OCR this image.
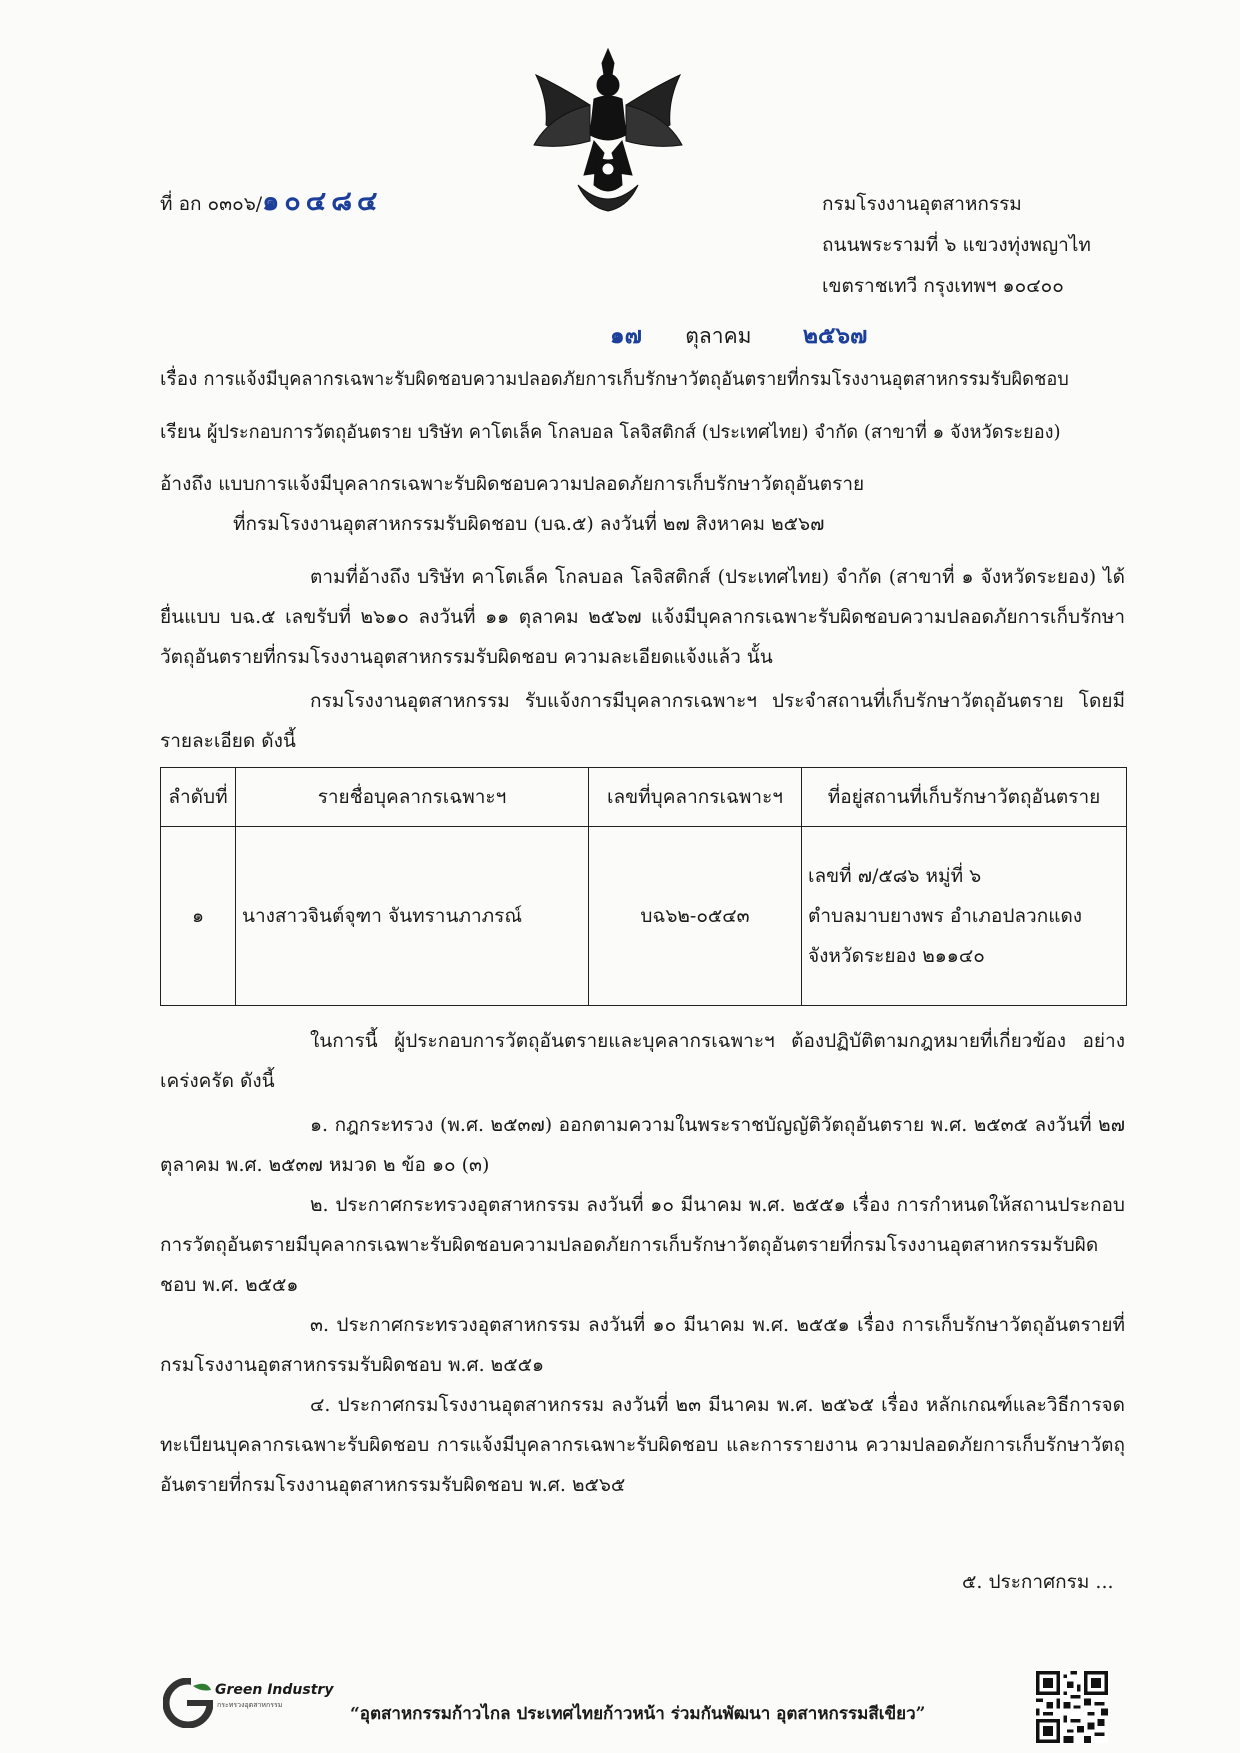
ที่ อก ๐๓๐๖/๑๐๔๘๔	กรมโรงงานอุตสาหกรรม
ถนนพระรามที่ ๖ แขวงทุ่งพญาไท
เขตราชเทวี กรุงเทพฯ ๑๐๔๐๐
๑๗ ตุลาคม ๒๕๖๗
เรื่อง การแจ้งมีบุคลากรเฉพาะรับผิดชอบความปลอดภัยการเก็บรักษาวัตถุอันตรายที่กรมโรงงานอุตสาหกรรมรับผิดชอบ
เรียน ผู้ประกอบการวัตถุอันตราย บริษัท คาโตเล็ค โกลบอล โลจิสติกส์ (ประเทศไทย) จำกัด (สาขาที่ ๑ จังหวัดระยอง)
อ้างถึง แบบการแจ้งมีบุคลากรเฉพาะรับผิดชอบความปลอดภัยการเก็บรักษาวัตถุอันตราย
ที่กรมโรงงานอุตสาหกรรมรับผิดชอบ (บฉ.๕) ลงวันที่ ๒๗ สิงหาคม ๒๕๖๗
ตามที่อ้างถึง บริษัท คาโตเล็ค โกลบอล โลจิสติกส์ (ประเทศไทย) จำกัด (สาขาที่ ๑ จังหวัดระยอง) ได้ยื่นแบบ บฉ.๕ เลขรับที่ ๒๖๑๐ ลงวันที่ ๑๑ ตุลาคม ๒๕๖๗ แจ้งมีบุคลากรเฉพาะรับผิดชอบความปลอดภัยการเก็บรักษาวัตถุอันตรายที่กรมโรงงานอุตสาหกรรมรับผิดชอบ ความละเอียดแจ้งแล้ว นั้น
กรมโรงงานอุตสาหกรรม รับแจ้งการมีบุคลากรเฉพาะฯ ประจำสถานที่เก็บรักษาวัตถุอันตราย โดยมีรายละเอียด ดังนี้
ลำดับที่	รายชื่อบุคลากรเฉพาะฯ	เลขที่บุคลากรเฉพาะฯ	ที่อยู่สถานที่เก็บรักษาวัตถุอันตราย
๑	นางสาวจินต์จุฑา จันทรานภาภรณ์	บฉ๖๒-๐๕๔๓	เลขที่ ๗/๕๘๖ หมู่ที่ ๖
ตำบลมาบยางพร อำเภอปลวกแดง
จังหวัดระยอง ๒๑๑๔๐
ในการนี้ ผู้ประกอบการวัตถุอันตรายและบุคลากรเฉพาะฯ ต้องปฏิบัติตามกฎหมายที่เกี่ยวข้อง อย่างเคร่งครัด ดังนี้
๑. กฎกระทรวง (พ.ศ. ๒๕๓๗) ออกตามความในพระราชบัญญัติวัตถุอันตราย พ.ศ. ๒๕๓๕ ลงวันที่ ๒๗ ตุลาคม พ.ศ. ๒๕๓๗ หมวด ๒ ข้อ ๑๐ (๓)
๒. ประกาศกระทรวงอุตสาหกรรม ลงวันที่ ๑๐ มีนาคม พ.ศ. ๒๕๕๑ เรื่อง การกำหนดให้สถานประกอบการวัตถุอันตรายมีบุคลากรเฉพาะรับผิดชอบความปลอดภัยการเก็บรักษาวัตถุอันตรายที่กรมโรงงานอุตสาหกรรมรับผิดชอบ พ.ศ. ๒๕๕๑
๓. ประกาศกระทรวงอุตสาหกรรม ลงวันที่ ๑๐ มีนาคม พ.ศ. ๒๕๕๑ เรื่อง การเก็บรักษาวัตถุอันตรายที่กรมโรงงานอุตสาหกรรมรับผิดชอบ พ.ศ. ๒๕๕๑
๔. ประกาศกรมโรงงานอุตสาหกรรม ลงวันที่ ๒๓ มีนาคม พ.ศ. ๒๕๖๕ เรื่อง หลักเกณฑ์และวิธีการจดทะเบียนบุคลากรเฉพาะรับผิดชอบ การแจ้งมีบุคลากรเฉพาะรับผิดชอบ และการรายงาน ความปลอดภัยการเก็บรักษาวัตถุอันตรายที่กรมโรงงานอุตสาหกรรมรับผิดชอบ พ.ศ. ๒๕๖๕
๕. ประกาศกรม ...
Green Industry
กระทรวงอุตสาหกรรม	“อุตสาหกรรมก้าวไกล ประเทศไทยก้าวหน้า ร่วมกันพัฒนา อุตสาหกรรมสีเขียว”
